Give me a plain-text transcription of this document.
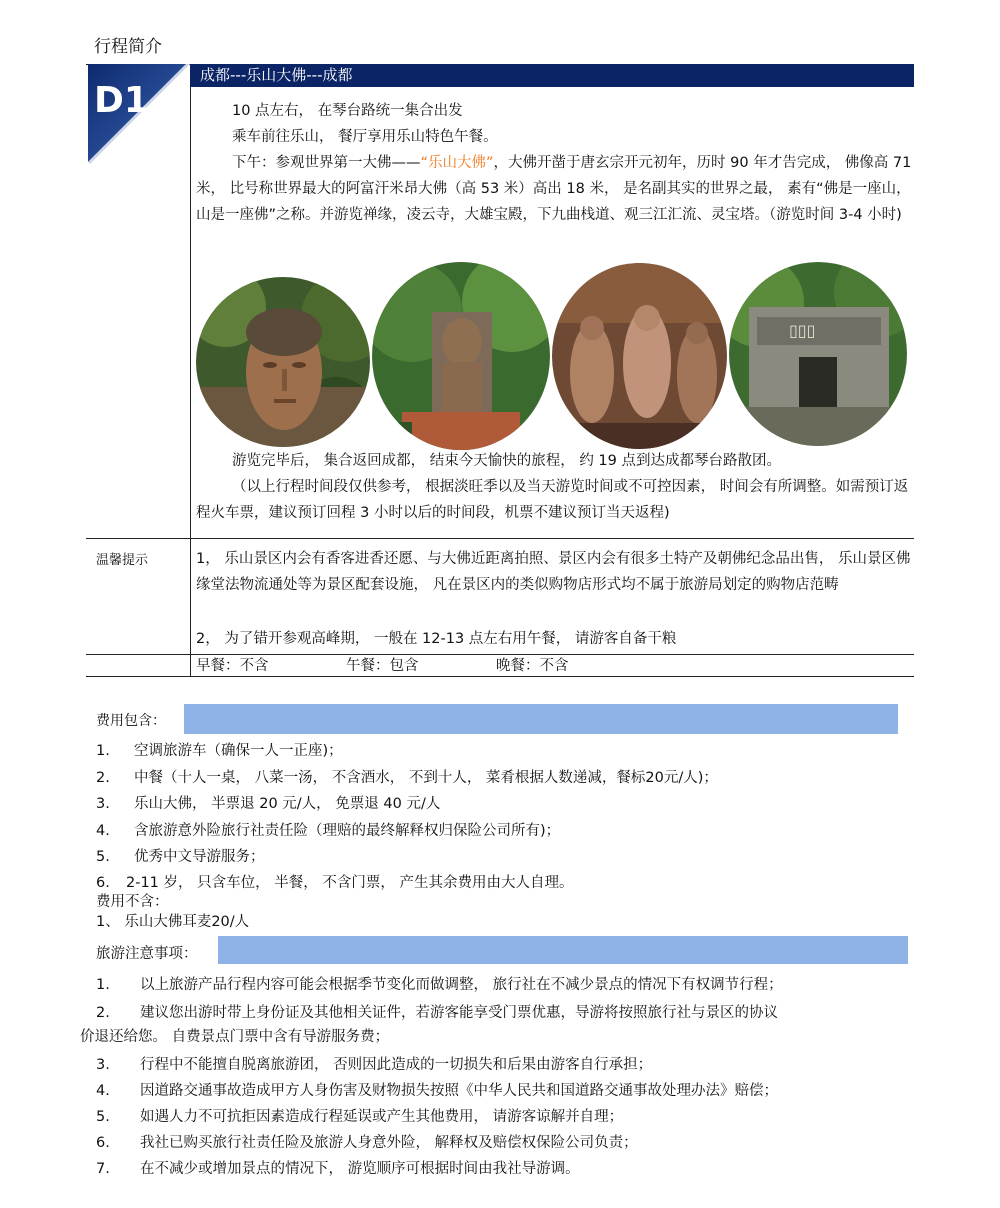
行程简介
D1
成都---乐山大佛---成都
10 点左右， 在琴台路统一集合出发
乘车前往乐山， 餐厅享用乐山特色午餐。
下午：参观世界第一大佛——“乐山大佛”，大佛开凿于唐玄宗开元初年，历时 90 年才告完成， 佛像高 71 米， 比号称世界最大的阿富汗米昂大佛（高 53 米）高出 18 米， 是名副其实的世界之最， 素有“佛是一座山， 山是一座佛”之称。并游览禅缘，凌云寺，大雄宝殿，下九曲栈道、观三江汇流、灵宝塔。（游览时间 3-4 小时)
▯▯▯
游览完毕后， 集合返回成都， 结束今天愉快的旅程， 约 19 点到达成都琴台路散团。
（以上行程时间段仅供参考， 根据淡旺季以及当天游览时间或不可控因素， 时间会有所调整。如需预订返程火车票，建议预订回程 3 小时以后的时间段，机票不建议预订当天返程)
温馨提示	1， 乐山景区内会有香客进香还愿、与大佛近距离拍照、景区内会有很多土特产及朝佛纪念品出售， 乐山景区佛缘堂法物流通处等为景区配套设施， 凡在景区内的类似购物店形式均不属于旅游局划定的购物店范畴
2， 为了错开参观高峰期， 一般在 12-13 点左右用午餐， 请游客自备干粮
早餐：不含	午餐：包含	晚餐：不含
费用包含：
1. 空调旅游车（确保一人一正座)；
2. 中餐（十人一桌， 八菜一汤， 不含酒水， 不到十人， 菜肴根据人数递减，餐标20元/人)；
3. 乐山大佛， 半票退 20 元/人， 免票退 40 元/人
4. 含旅游意外险旅行社责任险（理赔的最终解释权归保险公司所有)；
5. 优秀中文导游服务；
6. 2-11 岁， 只含车位， 半餐， 不含门票， 产生其余费用由大人自理。
费用不含：
1、 乐山大佛耳麦20/人
旅游注意事项：
1. 以上旅游产品行程内容可能会根据季节变化而做调整， 旅行社在不减少景点的情况下有权调节行程；
2. 建议您出游时带上身份证及其他相关证件，若游客能享受门票优惠，导游将按照旅行社与景区的协议
价退还给您。 自费景点门票中含有导游服务费；
3. 行程中不能擅自脱离旅游团， 否则因此造成的一切损失和后果由游客自行承担；
4. 因道路交通事故造成甲方人身伤害及财物损失按照《中华人民共和国道路交通事故处理办法》赔偿；
5. 如遇人力不可抗拒因素造成行程延误或产生其他费用， 请游客谅解并自理；
6. 我社已购买旅行社责任险及旅游人身意外险， 解释权及赔偿权保险公司负责；
7. 在不减少或增加景点的情况下， 游览顺序可根据时间由我社导游调。
